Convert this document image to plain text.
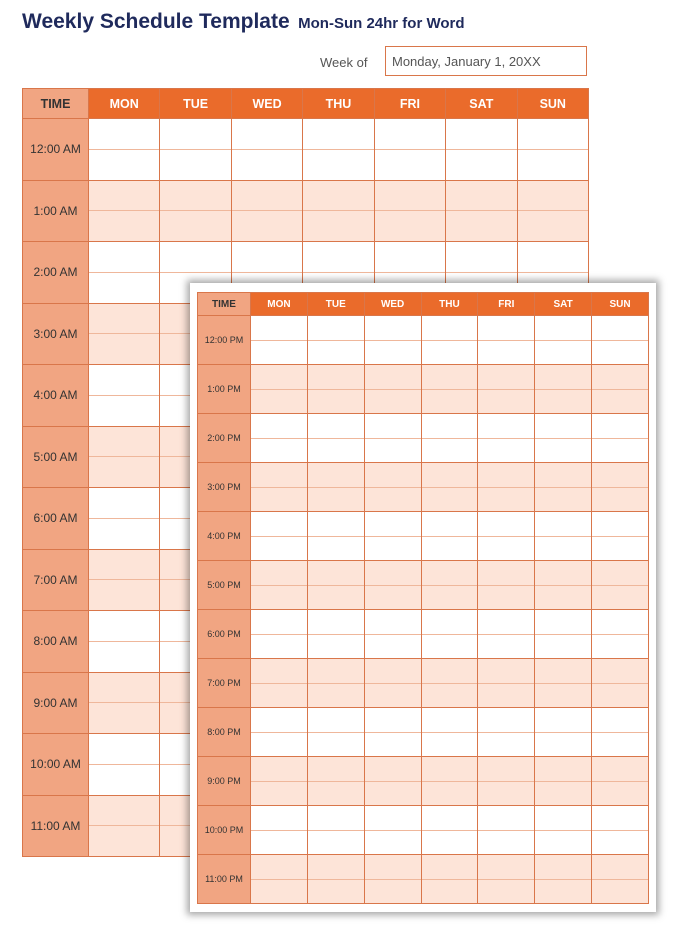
Weekly Schedule Template Mon-Sun 24hr for Word
Week of	Monday, January 1, 20XX
TIME	MON	TUE	WED	THU	FRI	SAT	SUN
12:00 AM							

1:00 AM							

2:00 AM							

3:00 AM							

4:00 AM							

5:00 AM							

6:00 AM							

7:00 AM							

8:00 AM							

9:00 AM							

10:00 AM							

11:00 AM							

TIME	MON	TUE	WED	THU	FRI	SAT	SUN
12:00 PM							

1:00 PM							

2:00 PM							

3:00 PM							

4:00 PM							

5:00 PM							

6:00 PM							

7:00 PM							

8:00 PM							

9:00 PM							

10:00 PM							

11:00 PM							
